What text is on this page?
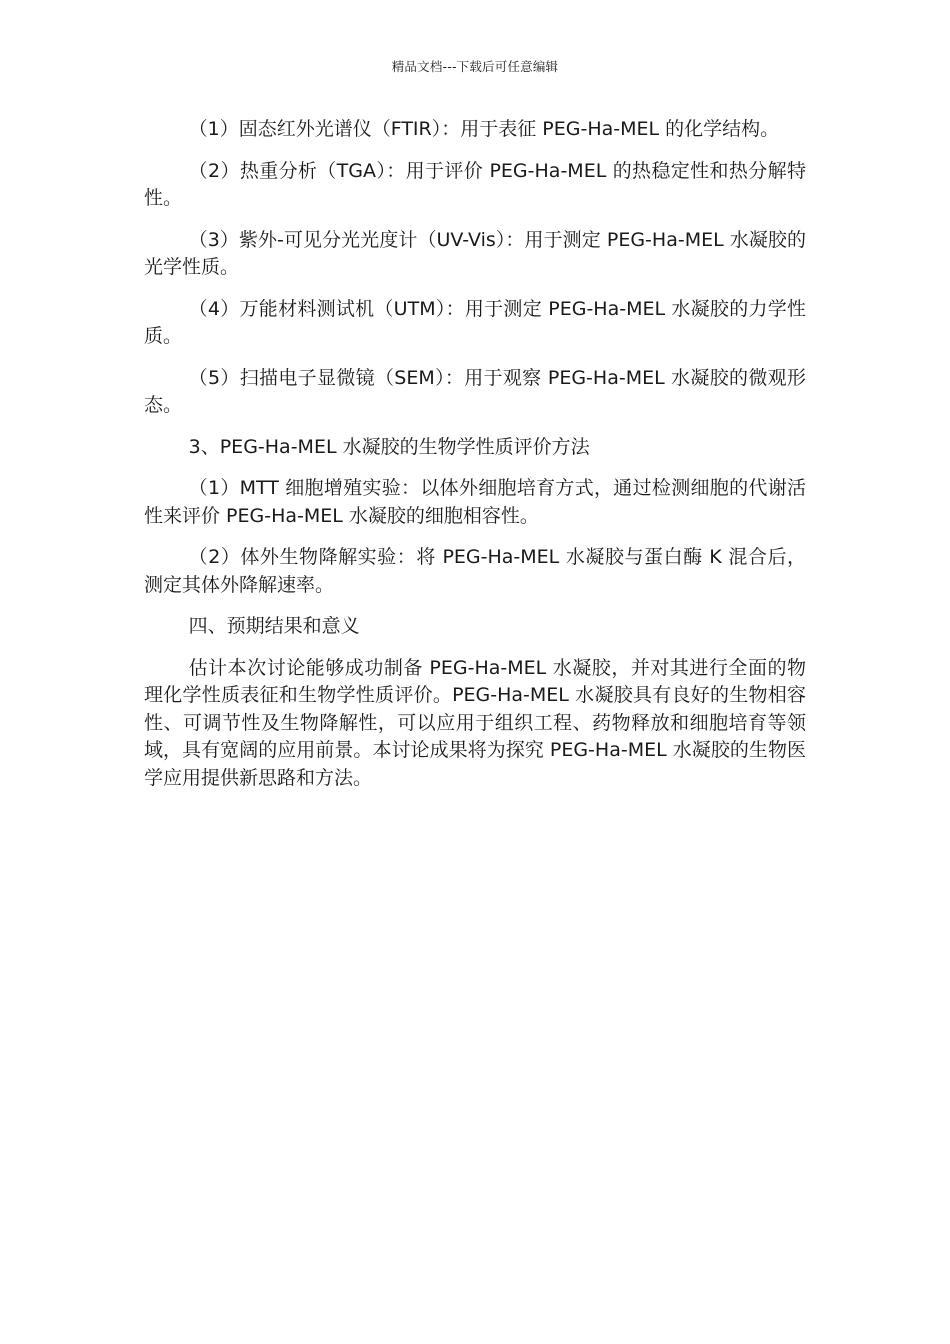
精品文档---下载后可任意编辑

（1）固态红外光谱仪（FTIR）：用于表征 PEG-Ha-MEL 的化学结构。

（2）热重分析（TGA）：用于评价 PEG-Ha-MEL 的热稳定性和热分解特性。

（3）紫外-可见分光光度计（UV-Vis）：用于测定 PEG-Ha-MEL 水凝胶的光学性质。

（4）万能材料测试机（UTM）：用于测定 PEG-Ha-MEL 水凝胶的力学性质。

（5）扫描电子显微镜（SEM）：用于观察 PEG-Ha-MEL 水凝胶的微观形态。

3、PEG-Ha-MEL 水凝胶的生物学性质评价方法

（1）MTT 细胞增殖实验：以体外细胞培育方式，通过检测细胞的代谢活性来评价 PEG-Ha-MEL 水凝胶的细胞相容性。

（2）体外生物降解实验：将 PEG-Ha-MEL 水凝胶与蛋白酶 K 混合后，测定其体外降解速率。

四、预期结果和意义

估计本次讨论能够成功制备 PEG-Ha-MEL 水凝胶，并对其进行全面的物理化学性质表征和生物学性质评价。PEG-Ha-MEL 水凝胶具有良好的生物相容性、可调节性及生物降解性，可以应用于组织工程、药物释放和细胞培育等领域，具有宽阔的应用前景。本讨论成果将为探究 PEG-Ha-MEL 水凝胶的生物医学应用提供新思路和方法。
